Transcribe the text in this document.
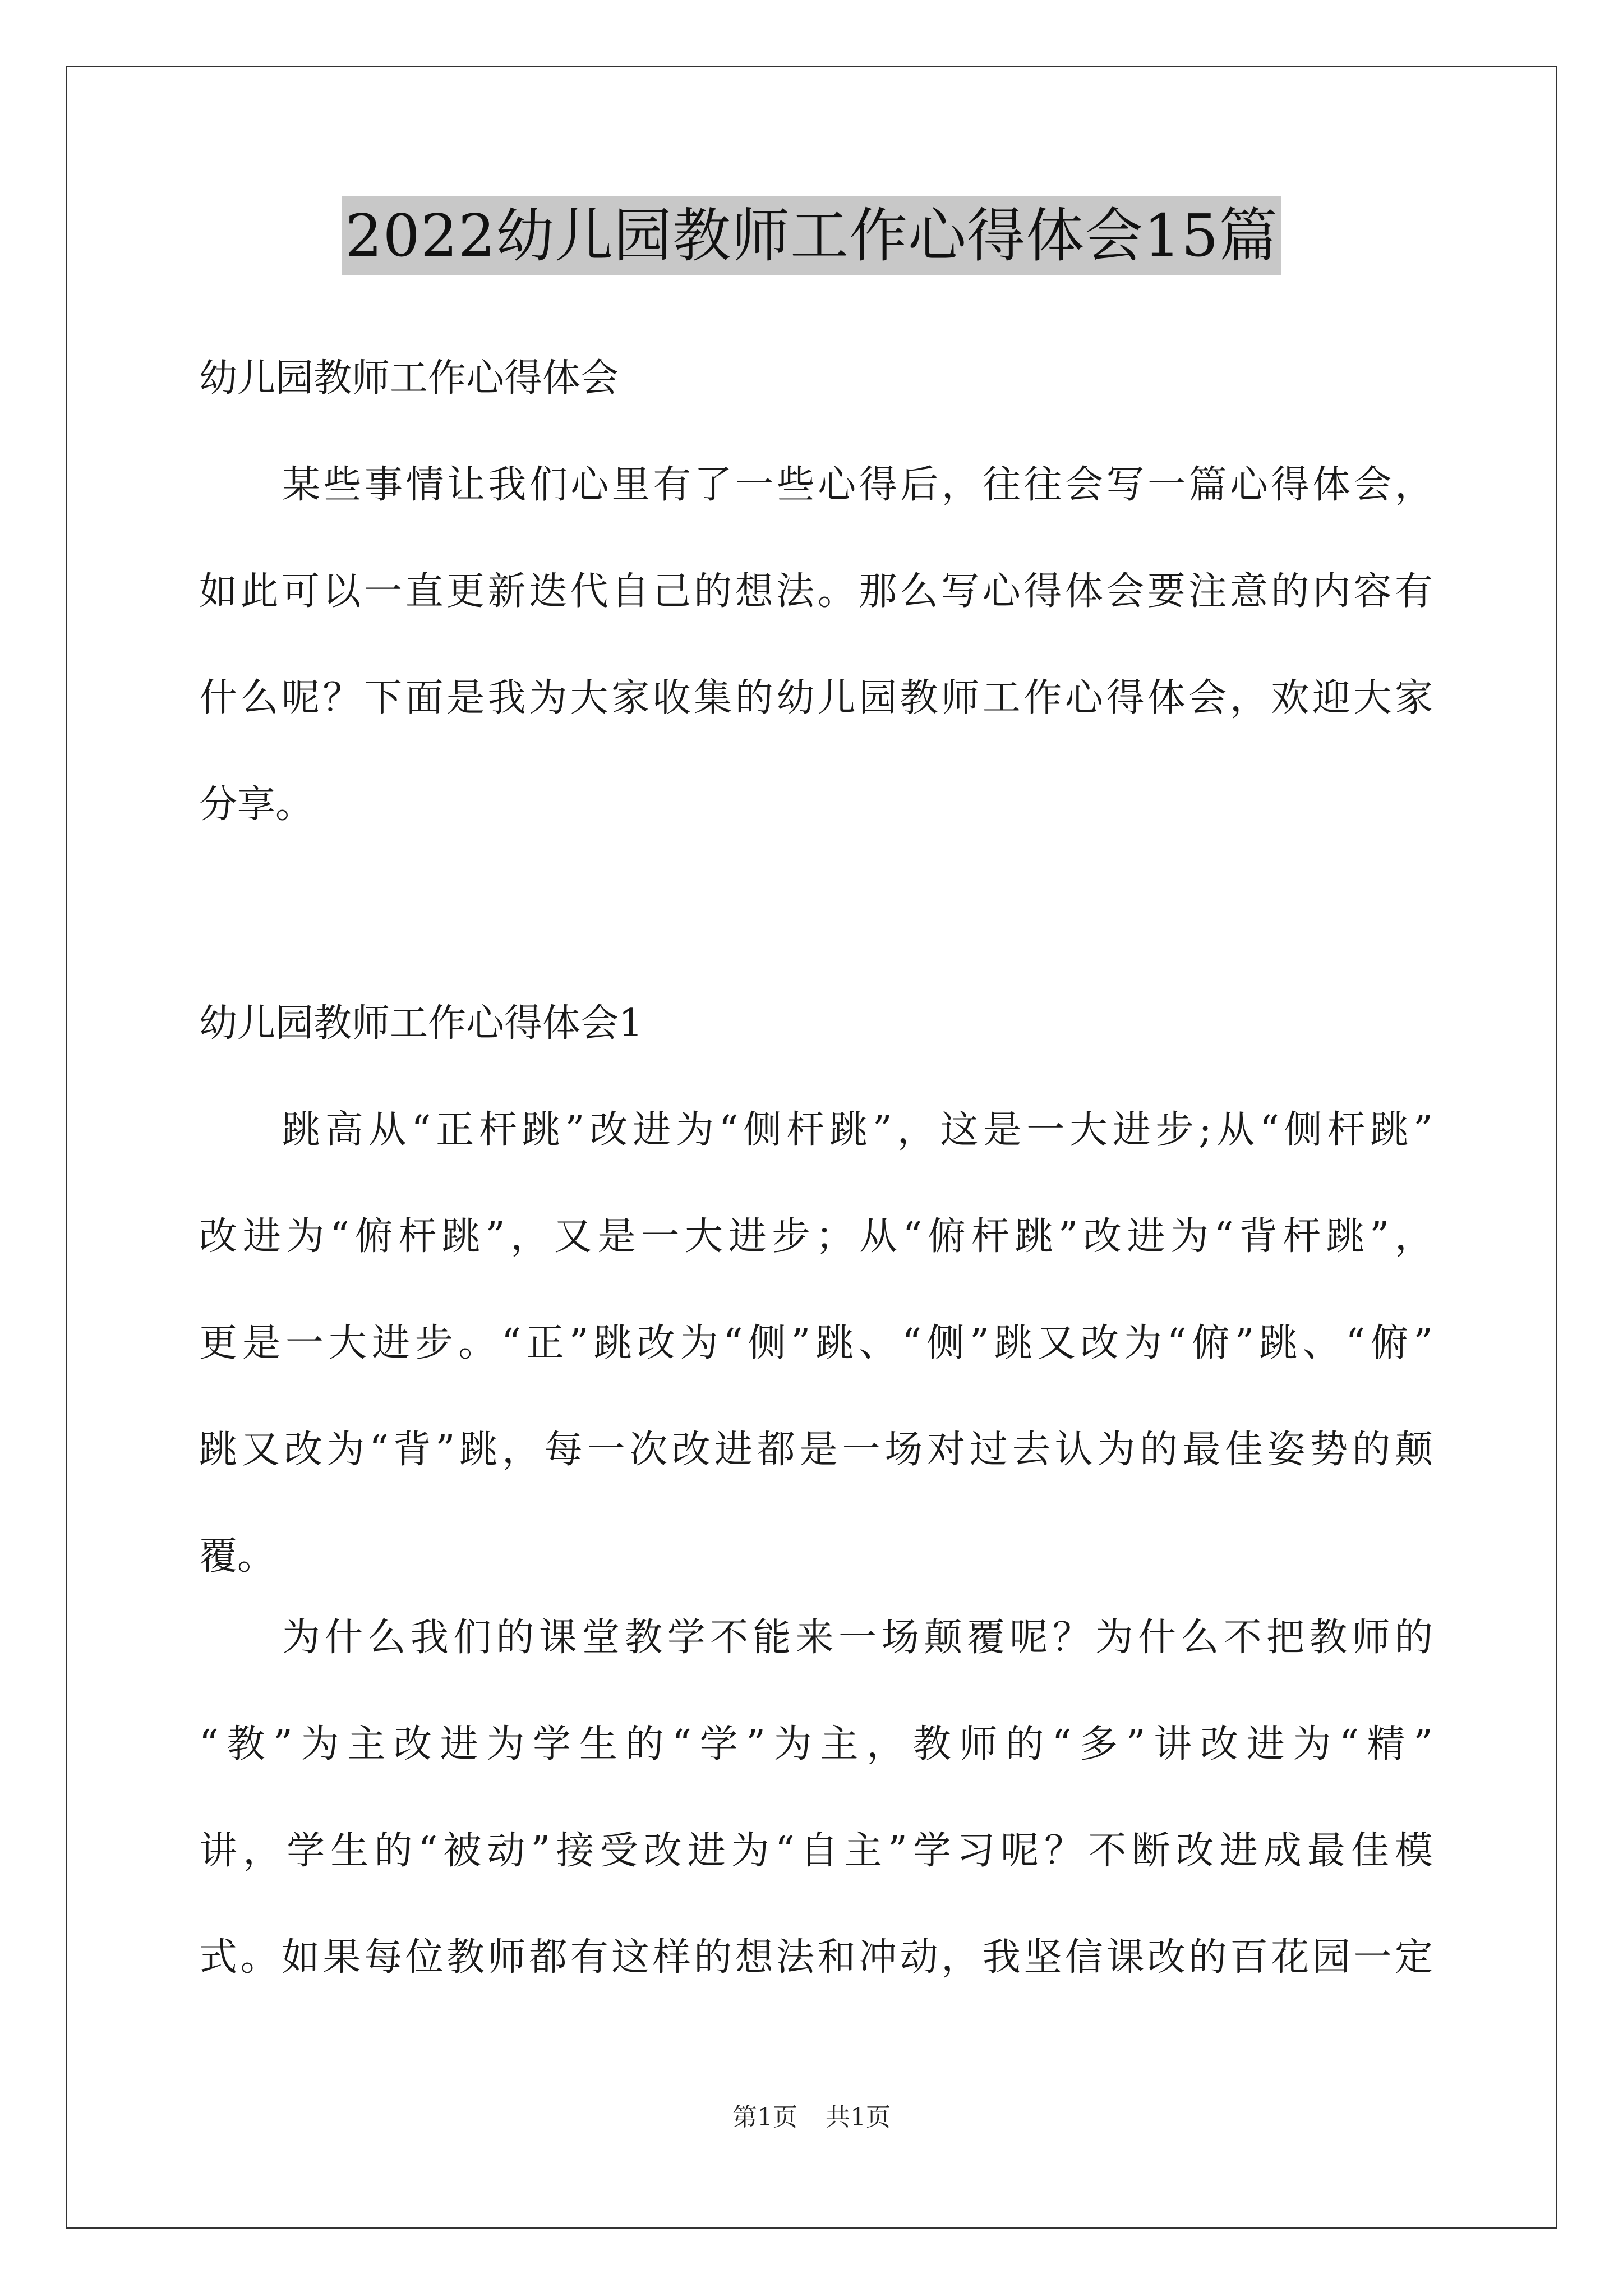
2022幼儿园教师工作心得体会15篇
幼儿园教师工作心得体会
某些事情让我们心里有了一些心得后，往往会写一篇心得体会，
如此可以一直更新迭代自己的想法。那么写心得体会要注意的内容有
什么呢？下面是我为大家收集的幼儿园教师工作心得体会，欢迎大家
分享。
幼儿园教师工作心得体会1
跳高从“正杆跳”改进为“侧杆跳”，这是一大进步;从“侧杆跳”
改进为“俯杆跳”，又是一大进步；从“俯杆跳”改进为“背杆跳”，
更是一大进步。“正”跳改为“侧”跳、“侧”跳又改为“俯”跳、“俯”
跳又改为“背”跳，每一次改进都是一场对过去认为的最佳姿势的颠
覆。
为什么我们的课堂教学不能来一场颠覆呢？为什么不把教师的
“教”为主改进为学生的“学”为主，教师的“多”讲改进为“精”
讲，学生的“被动”接受改进为“自主”学习呢？不断改进成最佳模
式。如果每位教师都有这样的想法和冲动，我坚信课改的百花园一定
第1页 共1页
